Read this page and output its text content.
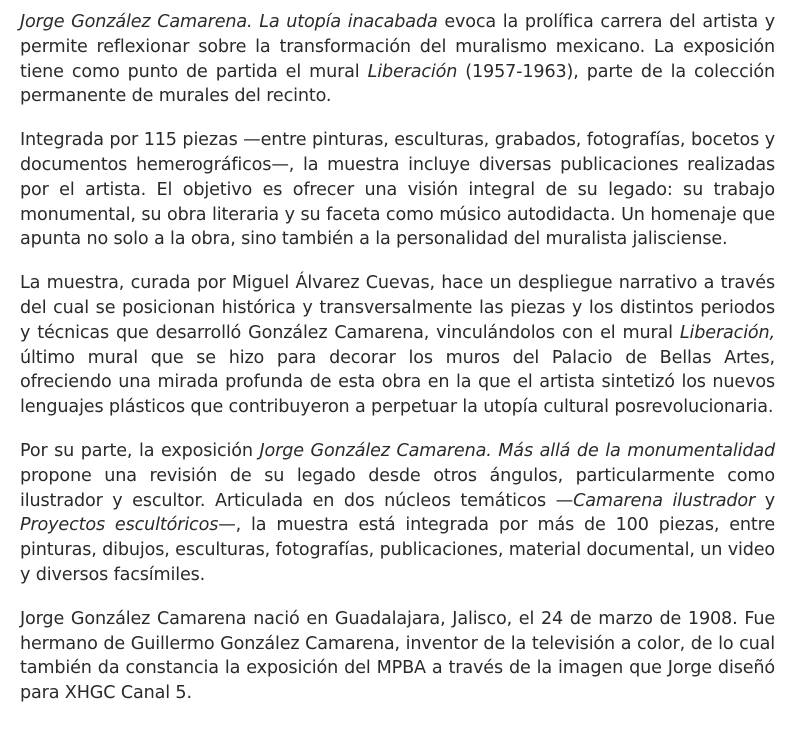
Jorge González Camarena. La utopía inacabada evoca la prolífica carrera del artista y permite reflexionar sobre la transformación del muralismo mexicano. La exposición tiene como punto de partida el mural Liberación (1957-1963), parte de la colección permanente de murales del recinto.

Integrada por 115 piezas —entre pinturas, esculturas, grabados, fotografías, bocetos y documentos hemerográficos—, la muestra incluye diversas publicaciones realizadas por el artista. El objetivo es ofrecer una visión integral de su legado: su trabajo monumental, su obra literaria y su faceta como músico autodidacta. Un homenaje que apunta no solo a la obra, sino también a la personalidad del muralista jalisciense.

La muestra, curada por Miguel Álvarez Cuevas, hace un despliegue narrativo a través del cual se posicionan histórica y transversalmente las piezas y los distintos periodos y técnicas que desarrolló González Camarena, vinculándolos con el mural Liberación, último mural que se hizo para decorar los muros del Palacio de Bellas Artes, ofreciendo una mirada profunda de esta obra en la que el artista sintetizó los nuevos lenguajes plásticos que contribuyeron a perpetuar la utopía cultural posrevolucionaria.

Por su parte, la exposición Jorge González Camarena. Más allá de la monumentalidad propone una revisión de su legado desde otros ángulos, particularmente como ilustrador y escultor. Articulada en dos núcleos temáticos —Camarena ilustrador y Proyectos escultóricos—, la muestra está integrada por más de 100 piezas, entre pinturas, dibujos, esculturas, fotografías, publicaciones, material documental, un video y diversos facsímiles.

Jorge González Camarena nació en Guadalajara, Jalisco, el 24 de marzo de 1908. Fue hermano de Guillermo González Camarena, inventor de la televisión a color, de lo cual también da constancia la exposición del MPBA a través de la imagen que Jorge diseñó para XHGC Canal 5.
